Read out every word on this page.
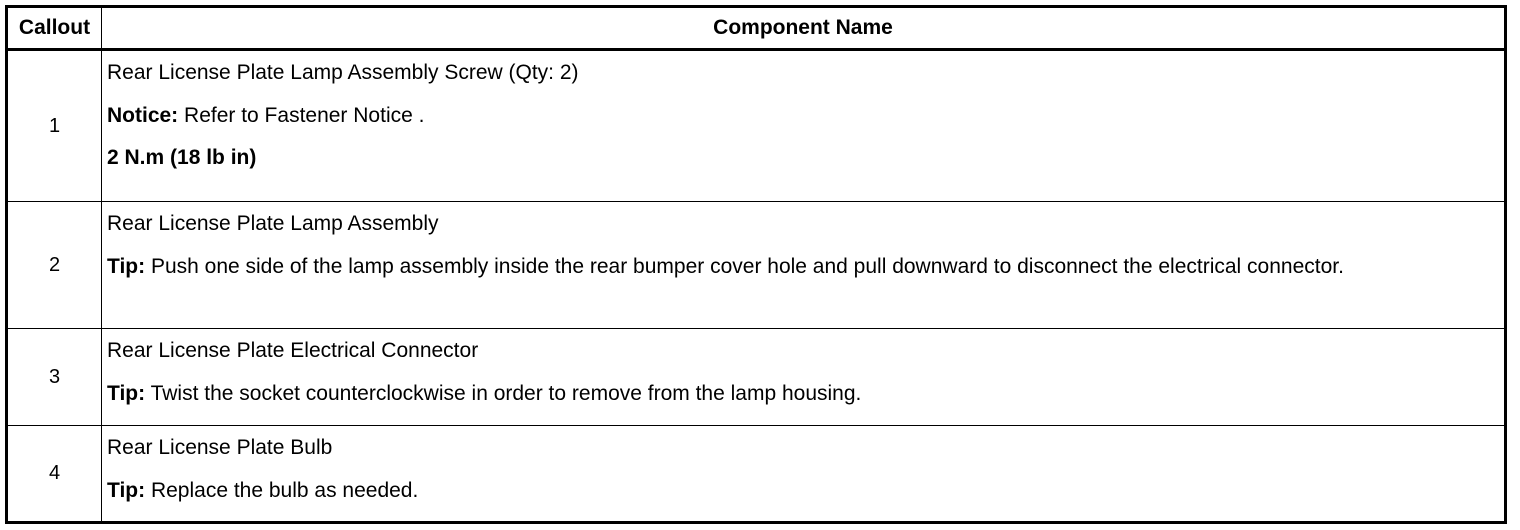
Callout	Component Name
1	Rear License Plate Lamp Assembly Screw (Qty: 2)

Notice: Refer to Fastener Notice .

2 N.m (18 lb in)

2	Rear License Plate Lamp Assembly

Tip: Push one side of the lamp assembly inside the rear bumper cover hole and pull downward to disconnect the electrical connector.

3	Rear License Plate Electrical Connector

Tip: Twist the socket counterclockwise in order to remove from the lamp housing.

4	Rear License Plate Bulb

Tip: Replace the bulb as needed.
